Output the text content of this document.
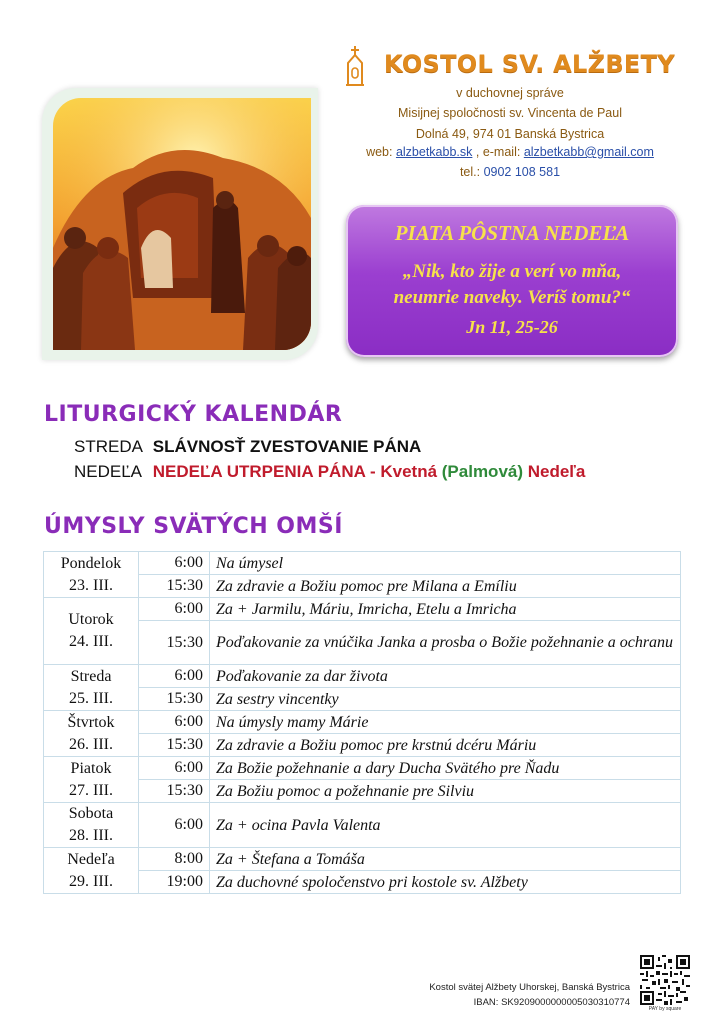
KOSTOL SV. ALŽBETY
v duchovnej správe
Misijnej spoločnosti sv. Vincenta de Paul
Dolná 49, 974 01 Banská Bystrica
web: alzbetkabb.sk , e-mail: alzbetkabb@gmail.com
tel.: 0902 108 581
PIATA PÔSTNA NEDEĽA
„Nik, kto žije a verí vo mňa,
neumrie naveky. Veríš tomu?“
Jn 11, 25-26
LITURGICKÝ KALENDÁR
STREDA SLÁVNOSŤ ZVESTOVANIE PÁNA
NEDEĽA NEDEĽA UTRPENIA PÁNA - Kvetná (Palmová) Nedeľa
ÚMYSLY SVÄTÝCH OMŠÍ
Pondelok
23. III.	6:00	Na úmysel
	15:30	Za zdravie a Božiu pomoc pre Milana a Emíliu

Utorok
24. III.	6:00	Za + Jarmilu, Máriu, Imricha, Etelu a Imricha
	15:30	Poďakovanie za vnúčika Janka a prosba o Božie požehnanie a ochranu

Streda
25. III.	6:00	Poďakovanie za dar života
	15:30	Za sestry vincentky

Štvrtok
26. III.	6:00	Na úmysly mamy Márie
	15:30	Za zdravie a Božiu pomoc pre krstnú dcéru Máriu

Piatok
27. III.	6:00	Za Božie požehnanie a dary Ducha Svätého pre Ňadu
	15:30	Za Božiu pomoc a požehnanie pre Silviu

Sobota
28. III.	6:00	Za + ocina Pavla Valenta

Nedeľa
29. III.	8:00	Za + Štefana a Tomáša
	19:00	Za duchovné spoločenstvo pri kostole sv. Alžbety
Kostol svätej Alžbety Uhorskej, Banská Bystrica
IBAN: SK9209000000005030310774
PAY by square
